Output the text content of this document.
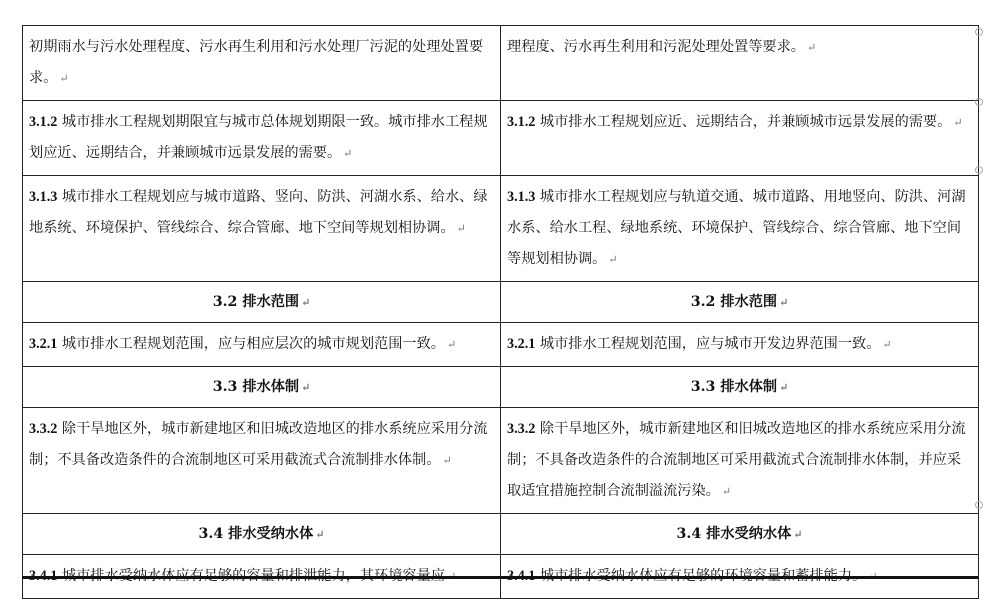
初期雨水与污水处理程度、污水再生利用和污水处理厂污泥的处理处置要求。 ↵	理程度、污水再生利用和污泥处理处置等要求。 ↵
3.1.2 城市排水工程规划期限宜与城市总体规划期限一致。城市排水工程规划应近、远期结合，并兼顾城市远景发展的需要。 ↵	3.1.2 城市排水工程规划应近、远期结合，并兼顾城市远景发展的需要。 ↵
3.1.3 城市排水工程规划应与城市道路、竖向、防洪、河湖水系、给水、绿地系统、环境保护、管线综合、综合管廊、地下空间等规划相协调。 ↵	3.1.3 城市排水工程规划应与轨道交通、城市道路、用地竖向、防洪、河湖水系、给水工程、绿地系统、环境保护、管线综合、综合管廊、地下空间等规划相协调。 ↵
3.2 排水范围 ↵	3.2 排水范围 ↵
3.2.1 城市排水工程规划范围，应与相应层次的城市规划范围一致。 ↵	3.2.1 城市排水工程规划范围，应与城市开发边界范围一致。 ↵
3.3 排水体制 ↵	3.3 排水体制 ↵
3.3.2 除干旱地区外，城市新建地区和旧城改造地区的排水系统应采用分流制；不具备改造条件的合流制地区可采用截流式合流制排水体制。 ↵	3.3.2 除干旱地区外，城市新建地区和旧城改造地区的排水系统应采用分流制；不具备改造条件的合流制地区可采用截流式合流制排水体制，并应采取适宜措施控制合流制溢流污染。 ↵
3.4 排水受纳水体 ↵	3.4 排水受纳水体 ↵
